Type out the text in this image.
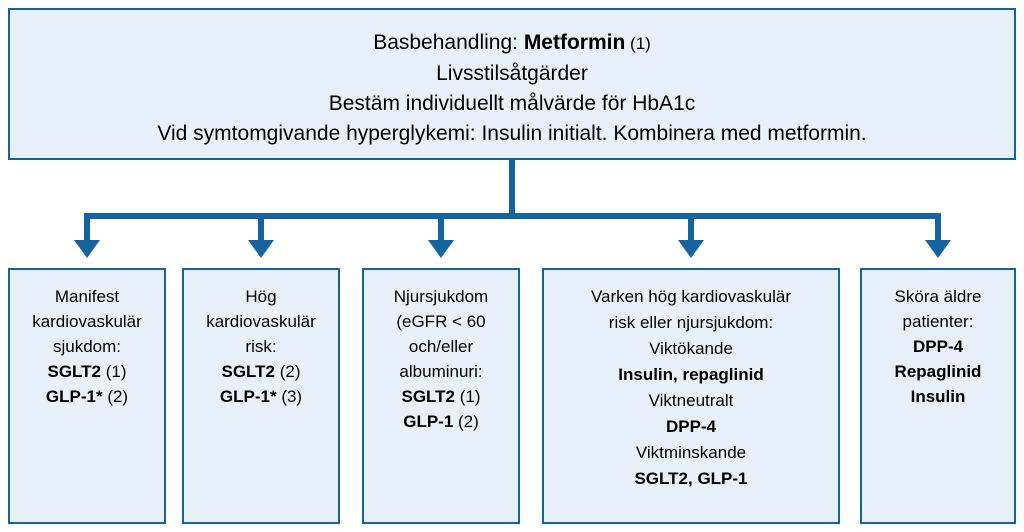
Basbehandling: Metformin (1)
Livsstilsåtgärder
Bestäm individuellt målvärde för HbA1c
Vid symtomgivande hyperglykemi: Insulin initialt. Kombinera med metformin.
Manifest
kardiovaskulär
sjukdom:
SGLT2 (1)
GLP-1* (2)
Hög
kardiovaskulär
risk:
SGLT2 (2)
GLP-1* (3)
Njursjukdom
(eGFR < 60
och/eller
albuminuri:
SGLT2 (1)
GLP-1 (2)
Varken hög kardiovaskulär
risk eller njursjukdom:
Viktökande
Insulin, repaglinid
Viktneutralt
DPP-4
Viktminskande
SGLT2, GLP-1
Sköra äldre
patienter:
DPP-4
Repaglinid
Insulin
